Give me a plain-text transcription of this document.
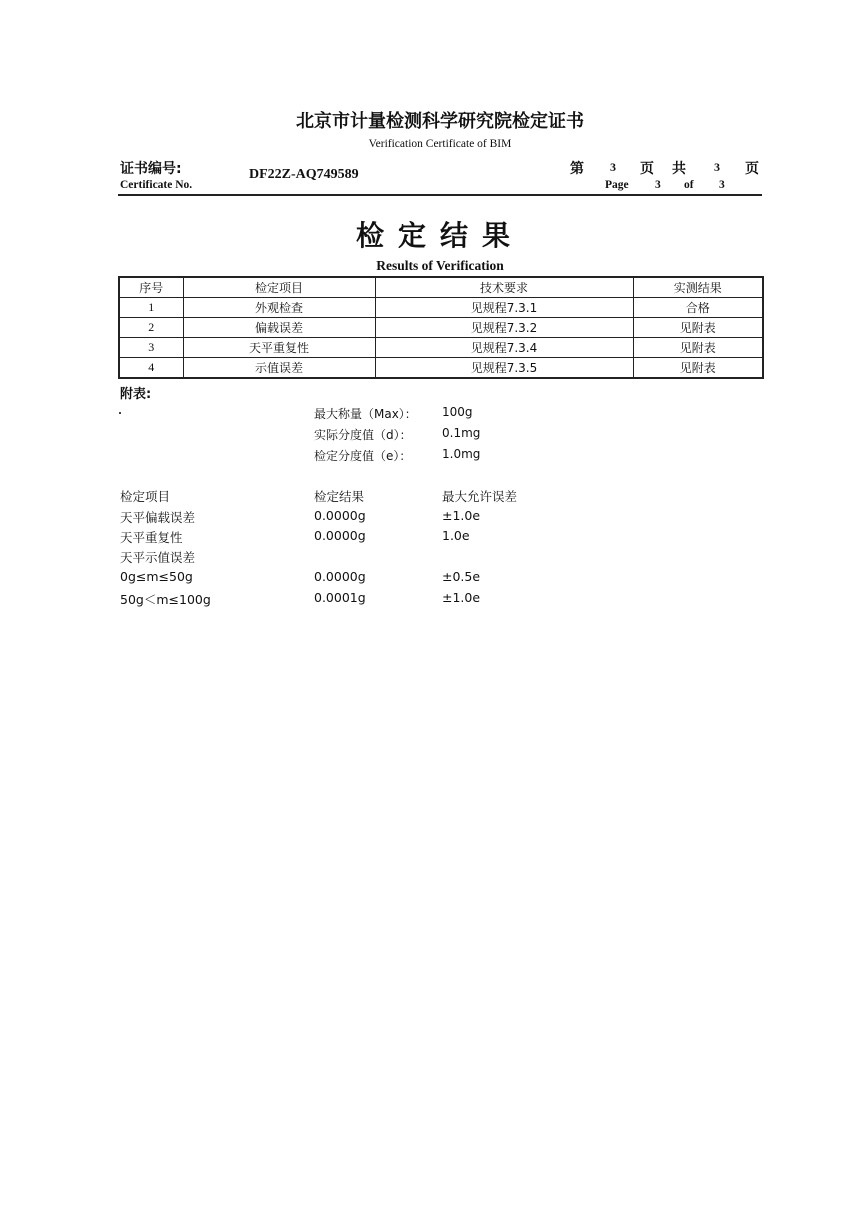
北京市计量检测科学研究院检定证书
Verification Certificate of BIM
证书编号:
Certificate No.
DF22Z-AQ749589	第 3 页 共 3 页
Page 3 of 3
检定结果
Results of Verification
序号	检定项目	技术要求	实测结果
1	外观检查	见规程7.3.1	合格
2	偏载误差	见规程7.3.2	见附表
3	天平重复性	见规程7.3.4	见附表
4	示值误差	见规程7.3.5	见附表
附表:
最大称量（Max）： 100g
实际分度值（d）：	0.1mg
检定分度值（e）：	1.0mg
检定项目	检定结果	最大允许误差
天平偏载误差	0.0000g	±1.0e
天平重复性	0.0000g	1.0e
天平示值误差
0g≤m≤50g	0.0000g	±0.5e
50g＜m≤100g	0.0001g	±1.0e
